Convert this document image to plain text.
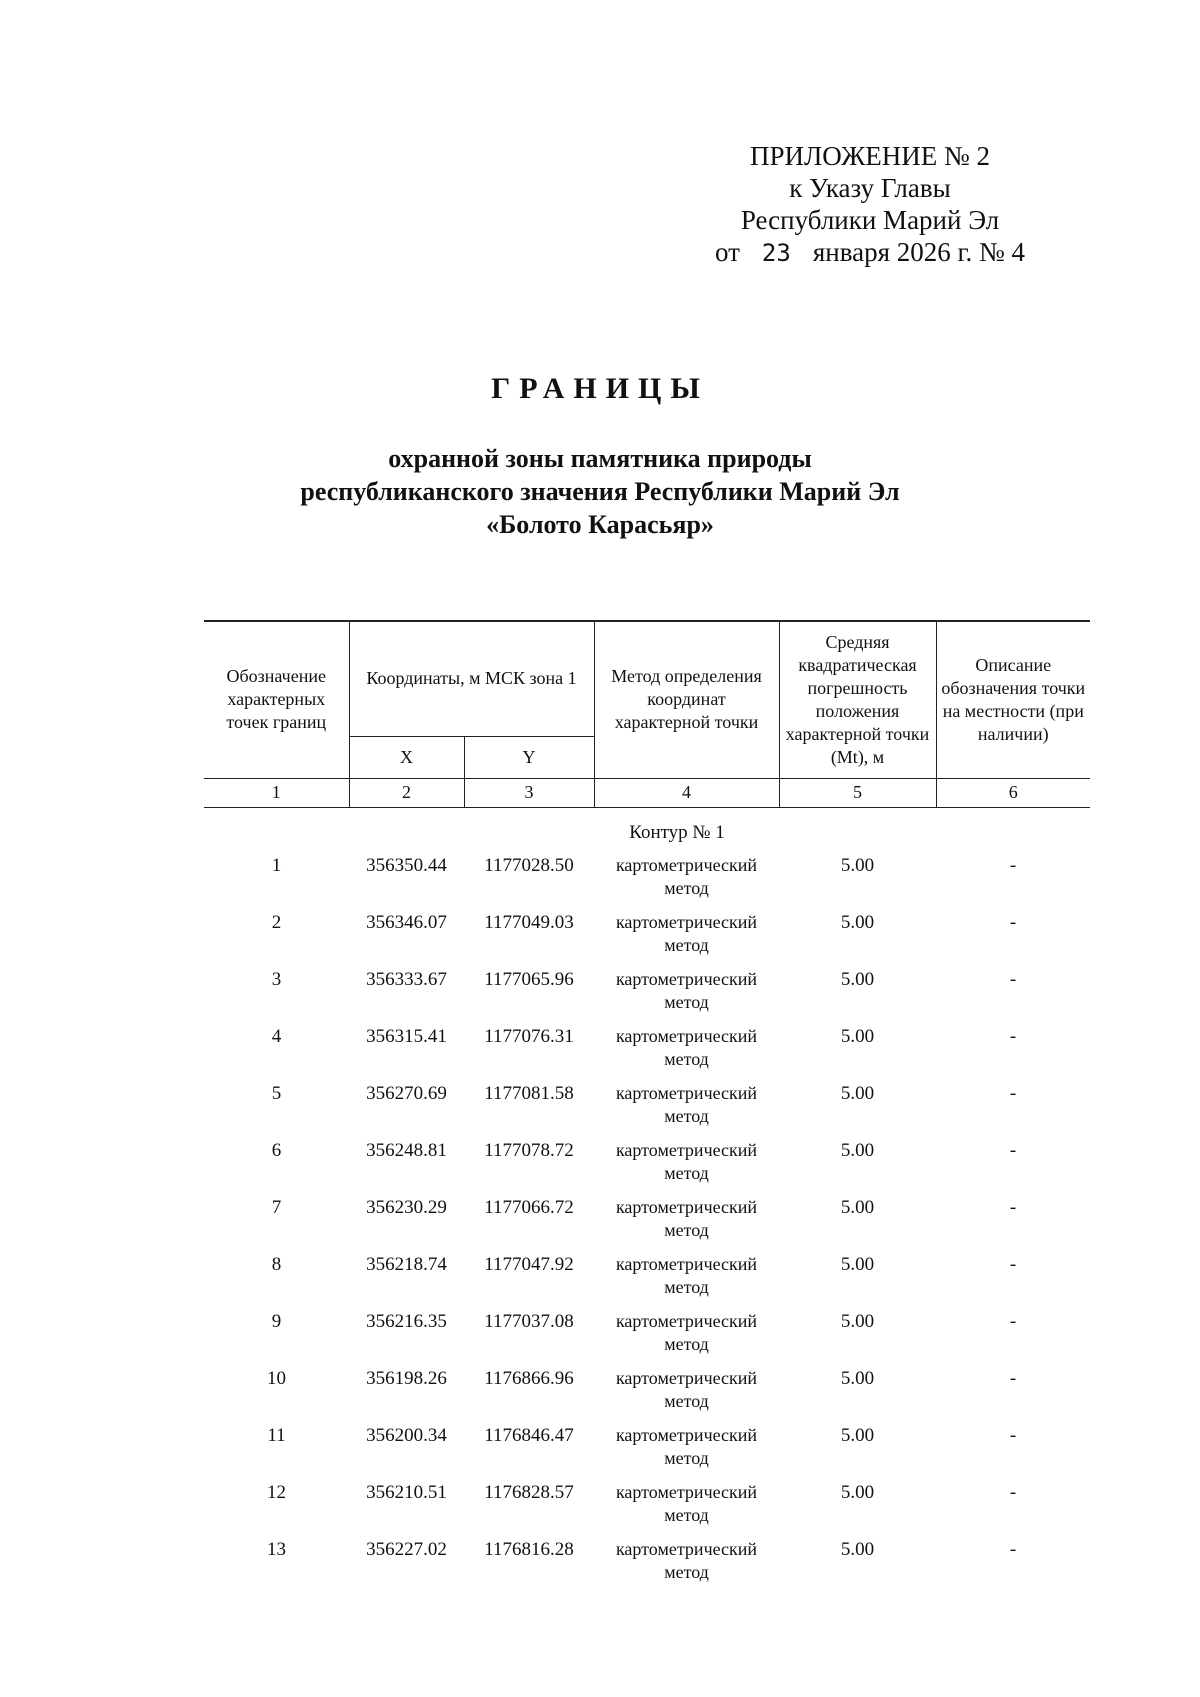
ПРИЛОЖЕНИЕ № 2
к Указу Главы
Республики Марий Эл
от 23 января 2026 г. № 4
ГРАНИЦЫ
охранной зоны памятника природы
республиканского значения Республики Марий Эл
«Болото Карасьяр»
Обозначение характерных точек границ	Координаты, м МСК зона 1		Метод определения координат характерной точки	Средняя квадратическая погрешность положения характерной точки (Mt), м	Описание обозначения точки на местности (при наличии)
	X	Y			
1	2	3	4	5	6
Контур № 1					
1	356350.44	1177028.50	картометрический метод	5.00	-
2	356346.07	1177049.03	картометрический метод	5.00	-
3	356333.67	1177065.96	картометрический метод	5.00	-
4	356315.41	1177076.31	картометрический метод	5.00	-
5	356270.69	1177081.58	картометрический метод	5.00	-
6	356248.81	1177078.72	картометрический метод	5.00	-
7	356230.29	1177066.72	картометрический метод	5.00	-
8	356218.74	1177047.92	картометрический метод	5.00	-
9	356216.35	1177037.08	картометрический метод	5.00	-
10	356198.26	1176866.96	картометрический метод	5.00	-
11	356200.34	1176846.47	картометрический метод	5.00	-
12	356210.51	1176828.57	картометрический метод	5.00	-
13	356227.02	1176816.28	картометрический метод	5.00	-
